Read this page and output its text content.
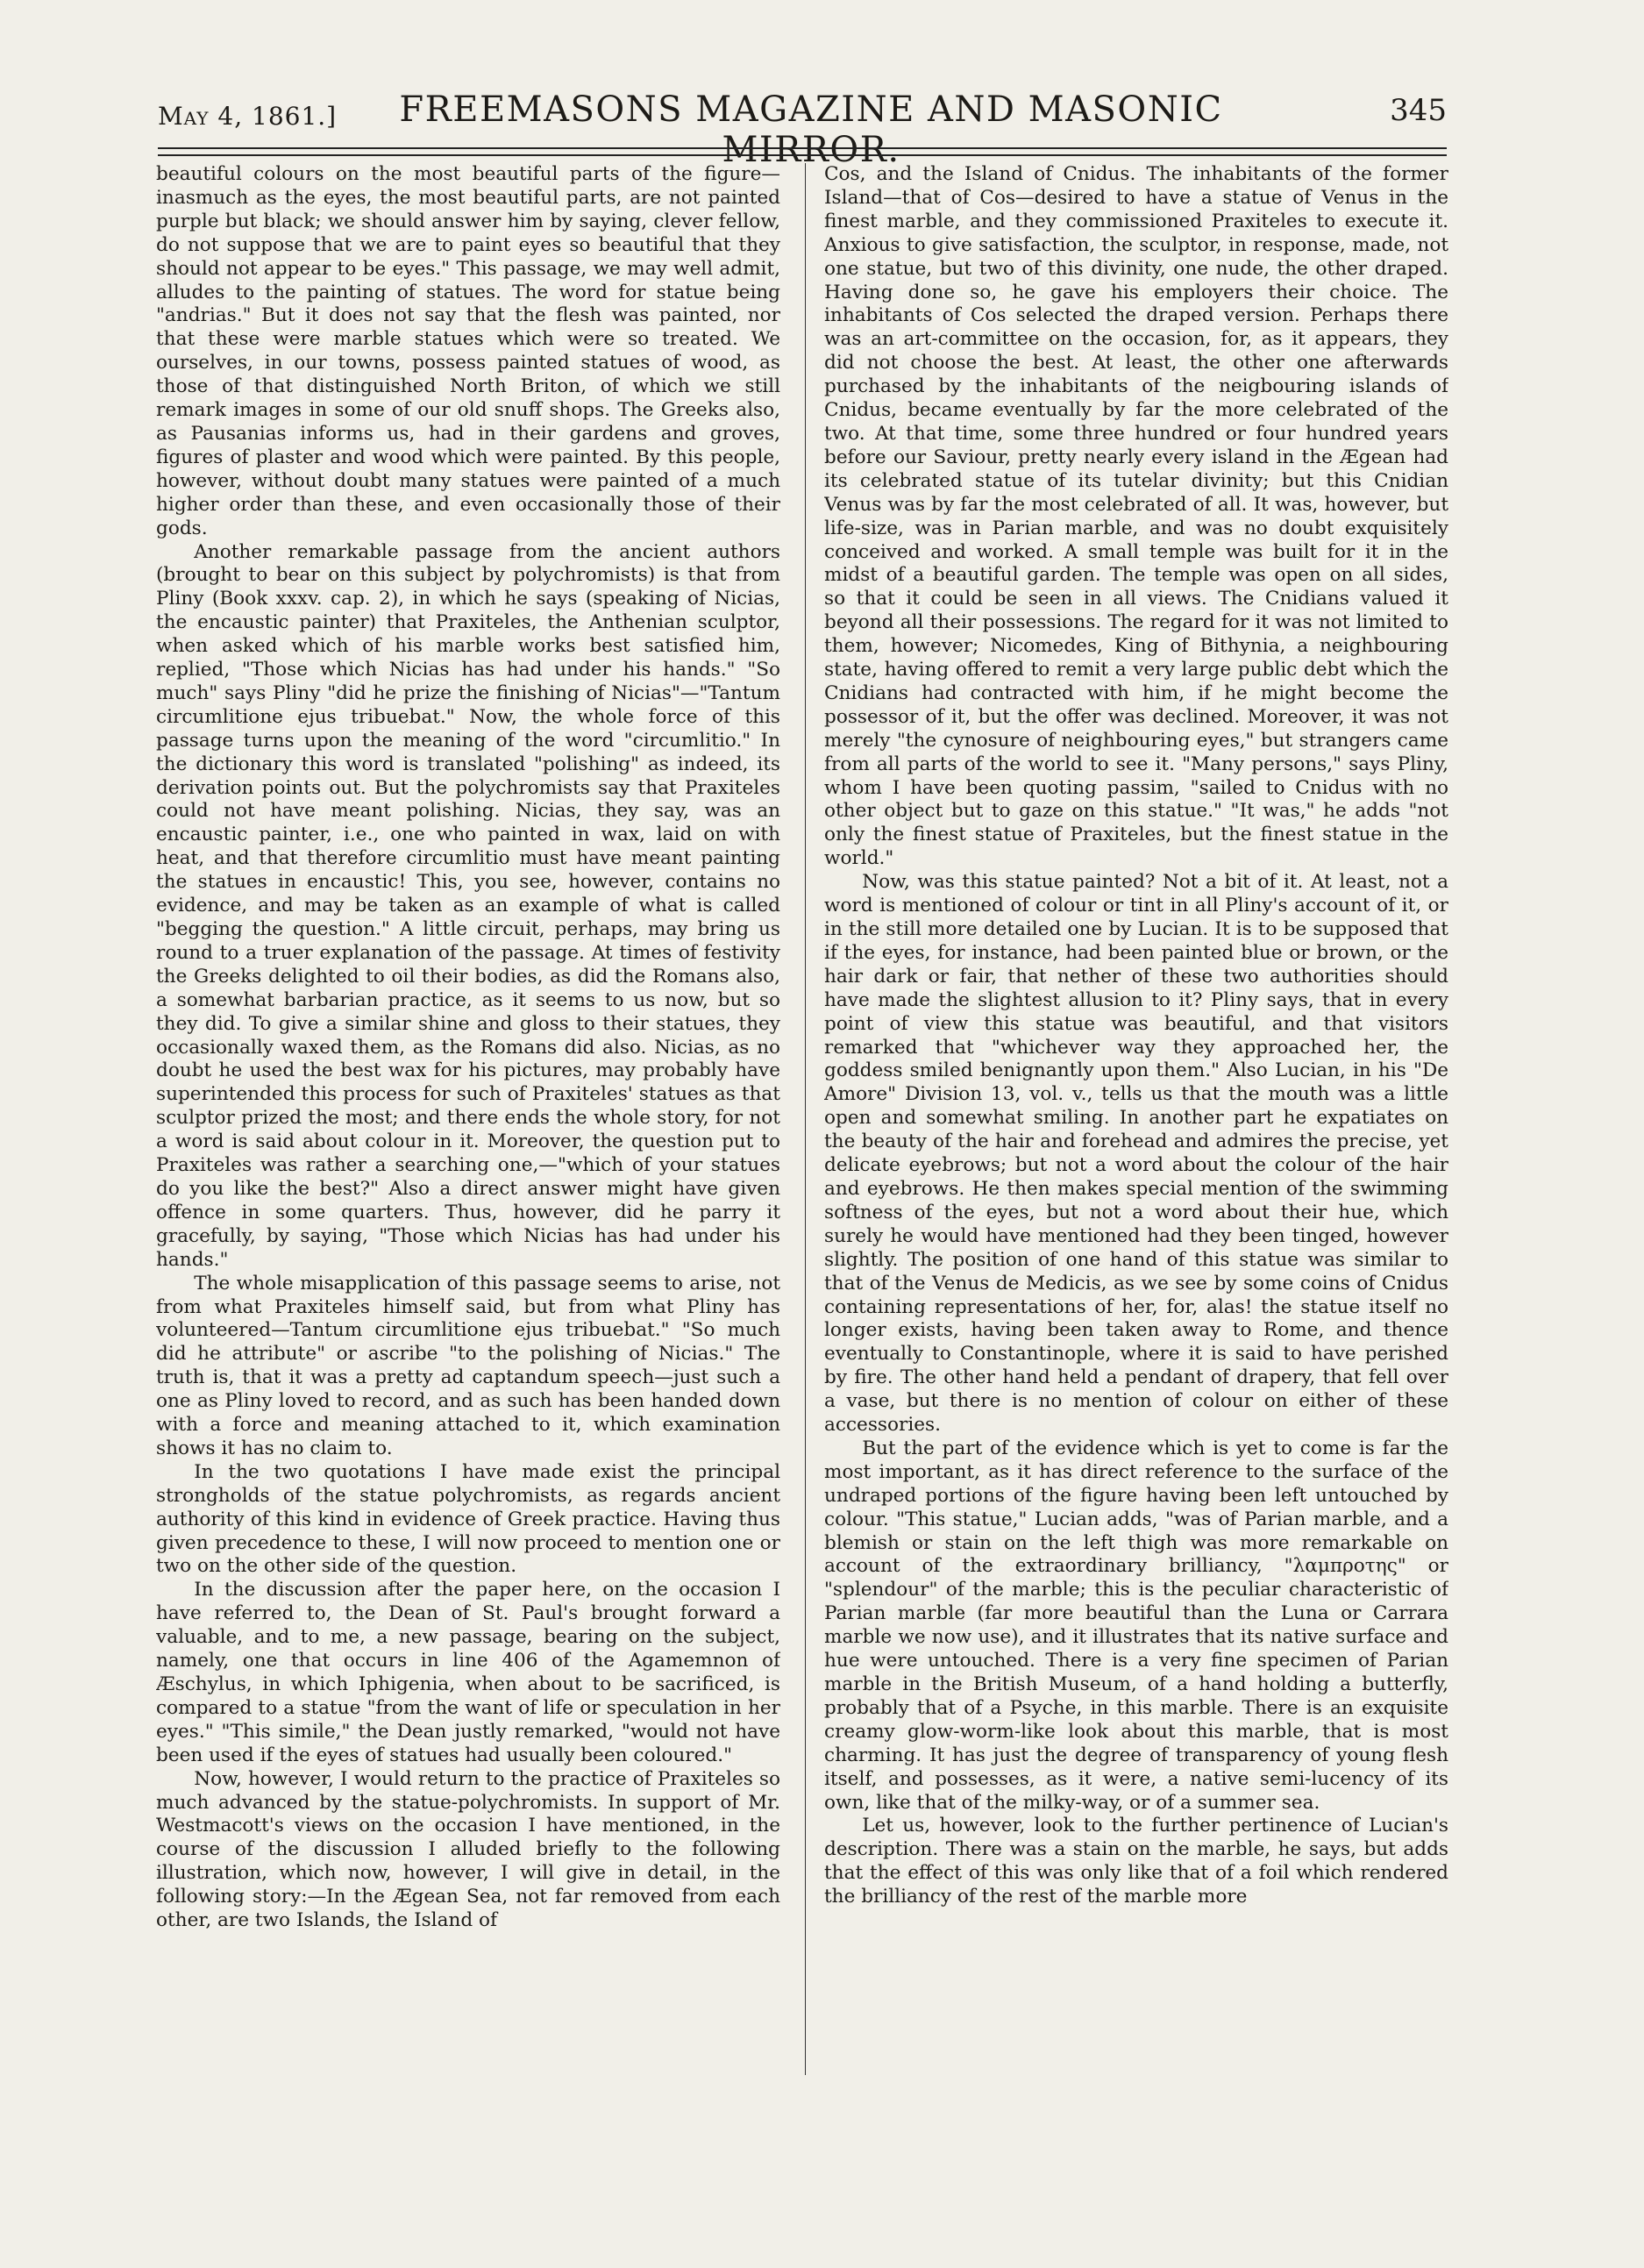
May 4, 1861.]	FREEMASONS MAGAZINE AND MASONIC MIRROR.
345

beautiful colours on the most beautiful parts of the figure—inasmuch as the eyes, the most beautiful parts, are not painted purple but black; we should answer him by saying, clever fellow, do not suppose that we are to paint eyes so beautiful that they should not appear to be eyes." This passage, we may well admit, alludes to the painting of statues. The word for statue being "andrias." But it does not say that the flesh was painted, nor that these were marble statues which were so treated. We ourselves, in our towns, possess painted statues of wood, as those of that distinguished North Briton, of which we still remark images in some of our old snuff shops. The Greeks also, as Pausanias informs us, had in their gardens and groves, figures of plaster and wood which were painted. By this people, however, without doubt many statues were painted of a much higher order than these, and even occasionally those of their gods.

Another remarkable passage from the ancient authors (brought to bear on this subject by polychromists) is that from Pliny (Book xxxv. cap. 2), in which he says (speaking of Nicias, the encaustic painter) that Praxiteles, the Anthenian sculptor, when asked which of his marble works best satisfied him, replied, "Those which Nicias has had under his hands." "So much" says Pliny "did he prize the finishing of Nicias"—"Tantum circumlitione ejus tribuebat." Now, the whole force of this passage turns upon the meaning of the word "circumlitio." In the dictionary this word is translated "polishing" as indeed, its derivation points out. But the polychromists say that Praxiteles could not have meant polishing. Nicias, they say, was an encaustic painter, i.e., one who painted in wax, laid on with heat, and that therefore circumlitio must have meant painting the statues in encaustic! This, you see, however, contains no evidence, and may be taken as an example of what is called "begging the question." A little circuit, perhaps, may bring us round to a truer explanation of the passage. At times of festivity the Greeks delighted to oil their bodies, as did the Romans also, a somewhat barbarian practice, as it seems to us now, but so they did. To give a similar shine and gloss to their statues, they occasionally waxed them, as the Romans did also. Nicias, as no doubt he used the best wax for his pictures, may probably have superintended this process for such of Praxiteles' statues as that sculptor prized the most; and there ends the whole story, for not a word is said about colour in it. Moreover, the question put to Praxiteles was rather a searching one,—"which of your statues do you like the best?" Also a direct answer might have given offence in some quarters. Thus, however, did he parry it gracefully, by saying, "Those which Nicias has had under his hands."

The whole misapplication of this passage seems to arise, not from what Praxiteles himself said, but from what Pliny has volunteered—Tantum circumlitione ejus tribuebat." "So much did he attribute" or ascribe "to the polishing of Nicias." The truth is, that it was a pretty ad captandum speech—just such a one as Pliny loved to record, and as such has been handed down with a force and meaning attached to it, which examination shows it has no claim to.

In the two quotations I have made exist the principal strongholds of the statue polychromists, as regards ancient authority of this kind in evidence of Greek practice. Having thus given precedence to these, I will now proceed to mention one or two on the other side of the question.

In the discussion after the paper here, on the occasion I have referred to, the Dean of St. Paul's brought forward a valuable, and to me, a new passage, bearing on the subject, namely, one that occurs in line 406 of the Agamemnon of Æschylus, in which Iphigenia, when about to be sacrificed, is compared to a statue "from the want of life or speculation in her eyes." "This simile," the Dean justly remarked, "would not have been used if the eyes of statues had usually been coloured."

Now, however, I would return to the practice of Praxiteles so much advanced by the statue-polychromists. In support of Mr. Westmacott's views on the occasion I have mentioned, in the course of the discussion I alluded briefly to the following illustration, which now, however, I will give in detail, in the following story:—In the Ægean Sea, not far removed from each other, are two Islands, the Island of

Cos, and the Island of Cnidus. The inhabitants of the former Island—that of Cos—desired to have a statue of Venus in the finest marble, and they commissioned Praxiteles to execute it. Anxious to give satisfaction, the sculptor, in response, made, not one statue, but two of this divinity, one nude, the other draped. Having done so, he gave his employers their choice. The inhabitants of Cos selected the draped version. Perhaps there was an art-committee on the occasion, for, as it appears, they did not choose the best. At least, the other one afterwards purchased by the inhabitants of the neigbouring islands of Cnidus, became eventually by far the more celebrated of the two. At that time, some three hundred or four hundred years before our Saviour, pretty nearly every island in the Ægean had its celebrated statue of its tutelar divinity; but this Cnidian Venus was by far the most celebrated of all. It was, however, but life-size, was in Parian marble, and was no doubt exquisitely conceived and worked. A small temple was built for it in the midst of a beautiful garden. The temple was open on all sides, so that it could be seen in all views. The Cnidians valued it beyond all their possessions. The regard for it was not limited to them, however; Nicomedes, King of Bithynia, a neighbouring state, having offered to remit a very large public debt which the Cnidians had contracted with him, if he might become the possessor of it, but the offer was declined. Moreover, it was not merely "the cynosure of neighbouring eyes," but strangers came from all parts of the world to see it. "Many persons," says Pliny, whom I have been quoting passim, "sailed to Cnidus with no other object but to gaze on this statue." "It was," he adds "not only the finest statue of Praxiteles, but the finest statue in the world."

Now, was this statue painted? Not a bit of it. At least, not a word is mentioned of colour or tint in all Pliny's account of it, or in the still more detailed one by Lucian. It is to be supposed that if the eyes, for instance, had been painted blue or brown, or the hair dark or fair, that nether of these two authorities should have made the slightest allusion to it? Pliny says, that in every point of view this statue was beautiful, and that visitors remarked that "whichever way they approached her, the goddess smiled benignantly upon them." Also Lucian, in his "De Amore" Division 13, vol. v., tells us that the mouth was a little open and somewhat smiling. In another part he expatiates on the beauty of the hair and forehead and admires the precise, yet delicate eyebrows; but not a word about the colour of the hair and eyebrows. He then makes special mention of the swimming softness of the eyes, but not a word about their hue, which surely he would have mentioned had they been tinged, however slightly. The position of one hand of this statue was similar to that of the Venus de Medicis, as we see by some coins of Cnidus containing representations of her, for, alas! the statue itself no longer exists, having been taken away to Rome, and thence eventually to Constantinople, where it is said to have perished by fire. The other hand held a pendant of drapery, that fell over a vase, but there is no mention of colour on either of these accessories.

But the part of the evidence which is yet to come is far the most important, as it has direct reference to the surface of the undraped portions of the figure having been left untouched by colour. "This statue," Lucian adds, "was of Parian marble, and a blemish or stain on the left thigh was more remarkable on account of the extraordinary brilliancy, "λαμπροτης" or "splendour" of the marble; this is the peculiar characteristic of Parian marble (far more beautiful than the Luna or Carrara marble we now use), and it illustrates that its native surface and hue were untouched. There is a very fine specimen of Parian marble in the British Museum, of a hand holding a butterfly, probably that of a Psyche, in this marble. There is an exquisite creamy glow-worm-like look about this marble, that is most charming. It has just the degree of transparency of young flesh itself, and possesses, as it were, a native semi-lucency of its own, like that of the milky-way, or of a summer sea.

Let us, however, look to the further pertinence of Lucian's description. There was a stain on the marble, he says, but adds that the effect of this was only like that of a foil which rendered the brilliancy of the rest of the marble more
